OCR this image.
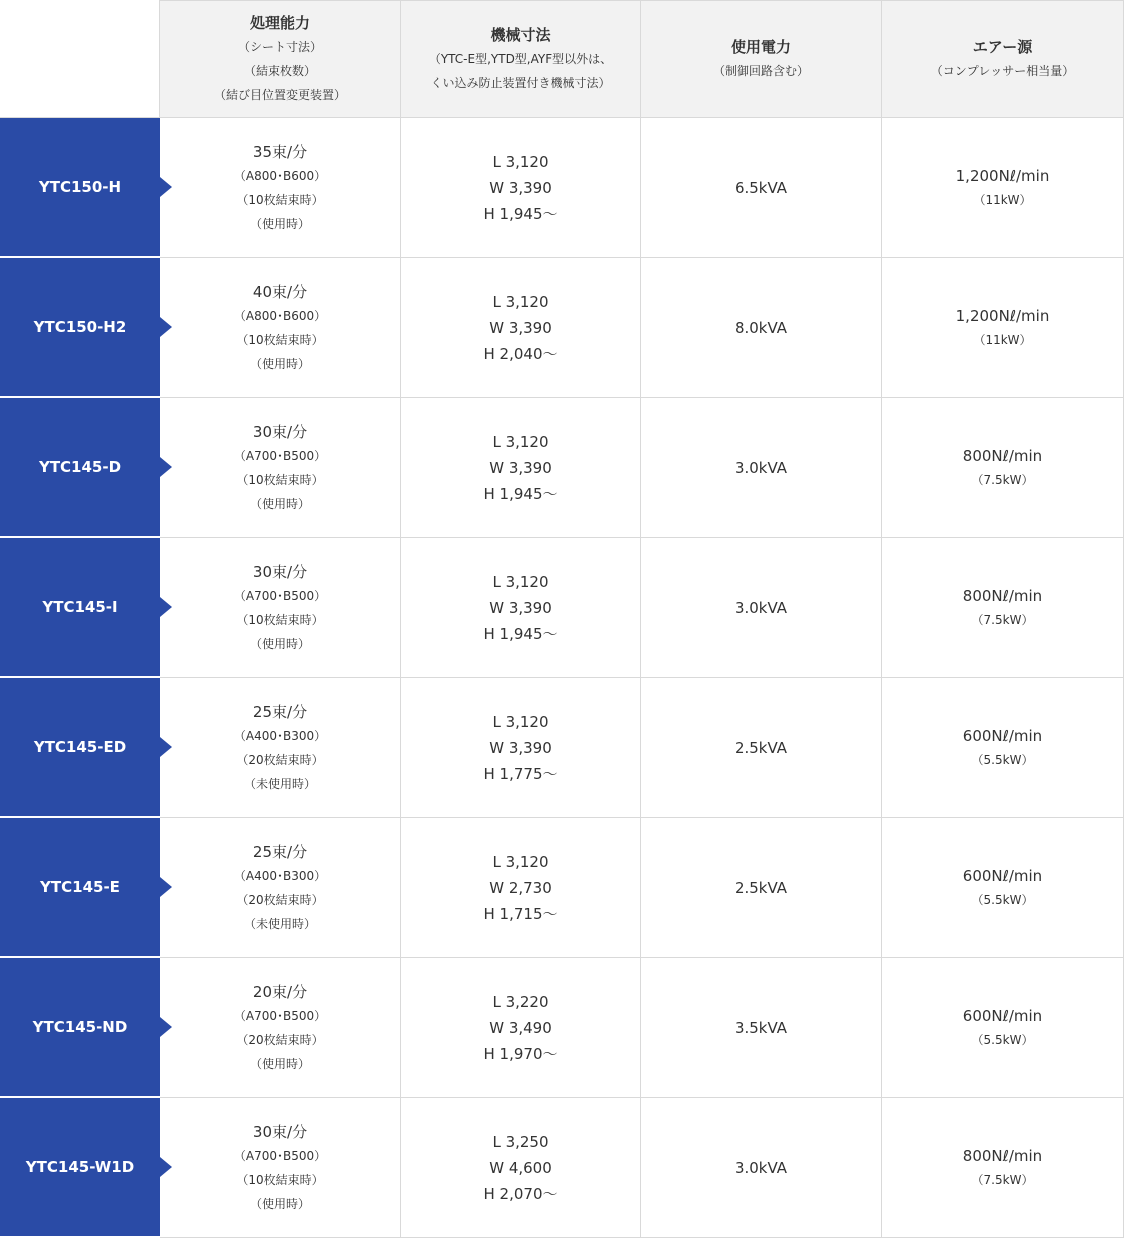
処理能力
（シート寸法）
（結束枚数）
（結び目位置変更装置）
機械寸法
（YTC-E型,YTD型,AYF型以外は、
くい込み防止装置付き機械寸法）
使用電力
（制御回路含む）
エアー源
（コンプレッサー相当量）
YTC150-H
35束/分
（A800･B600）
（10枚結束時）
（使用時）
L 3,120
W 3,390
H 1,945～
6.5kVA
1,200Nℓ/min
（11kW）
YTC150-H2
40束/分
（A800･B600）
（10枚結束時）
（使用時）
L 3,120
W 3,390
H 2,040～
8.0kVA
1,200Nℓ/min
（11kW）
YTC145-D
30束/分
（A700･B500）
（10枚結束時）
（使用時）
L 3,120
W 3,390
H 1,945～
3.0kVA
800Nℓ/min
（7.5kW）
YTC145-I
30束/分
（A700･B500）
（10枚結束時）
（使用時）
L 3,120
W 3,390
H 1,945～
3.0kVA
800Nℓ/min
（7.5kW）
YTC145-ED
25束/分
（A400･B300）
（20枚結束時）
（未使用時）
L 3,120
W 3,390
H 1,775～
2.5kVA
600Nℓ/min
（5.5kW）
YTC145-E
25束/分
（A400･B300）
（20枚結束時）
（未使用時）
L 3,120
W 2,730
H 1,715～
2.5kVA
600Nℓ/min
（5.5kW）
YTC145-ND
20束/分
（A700･B500）
（20枚結束時）
（使用時）
L 3,220
W 3,490
H 1,970～
3.5kVA
600Nℓ/min
（5.5kW）
YTC145-W1D
30束/分
（A700･B500）
（10枚結束時）
（使用時）
L 3,250
W 4,600
H 2,070～
3.0kVA
800Nℓ/min
（7.5kW）
